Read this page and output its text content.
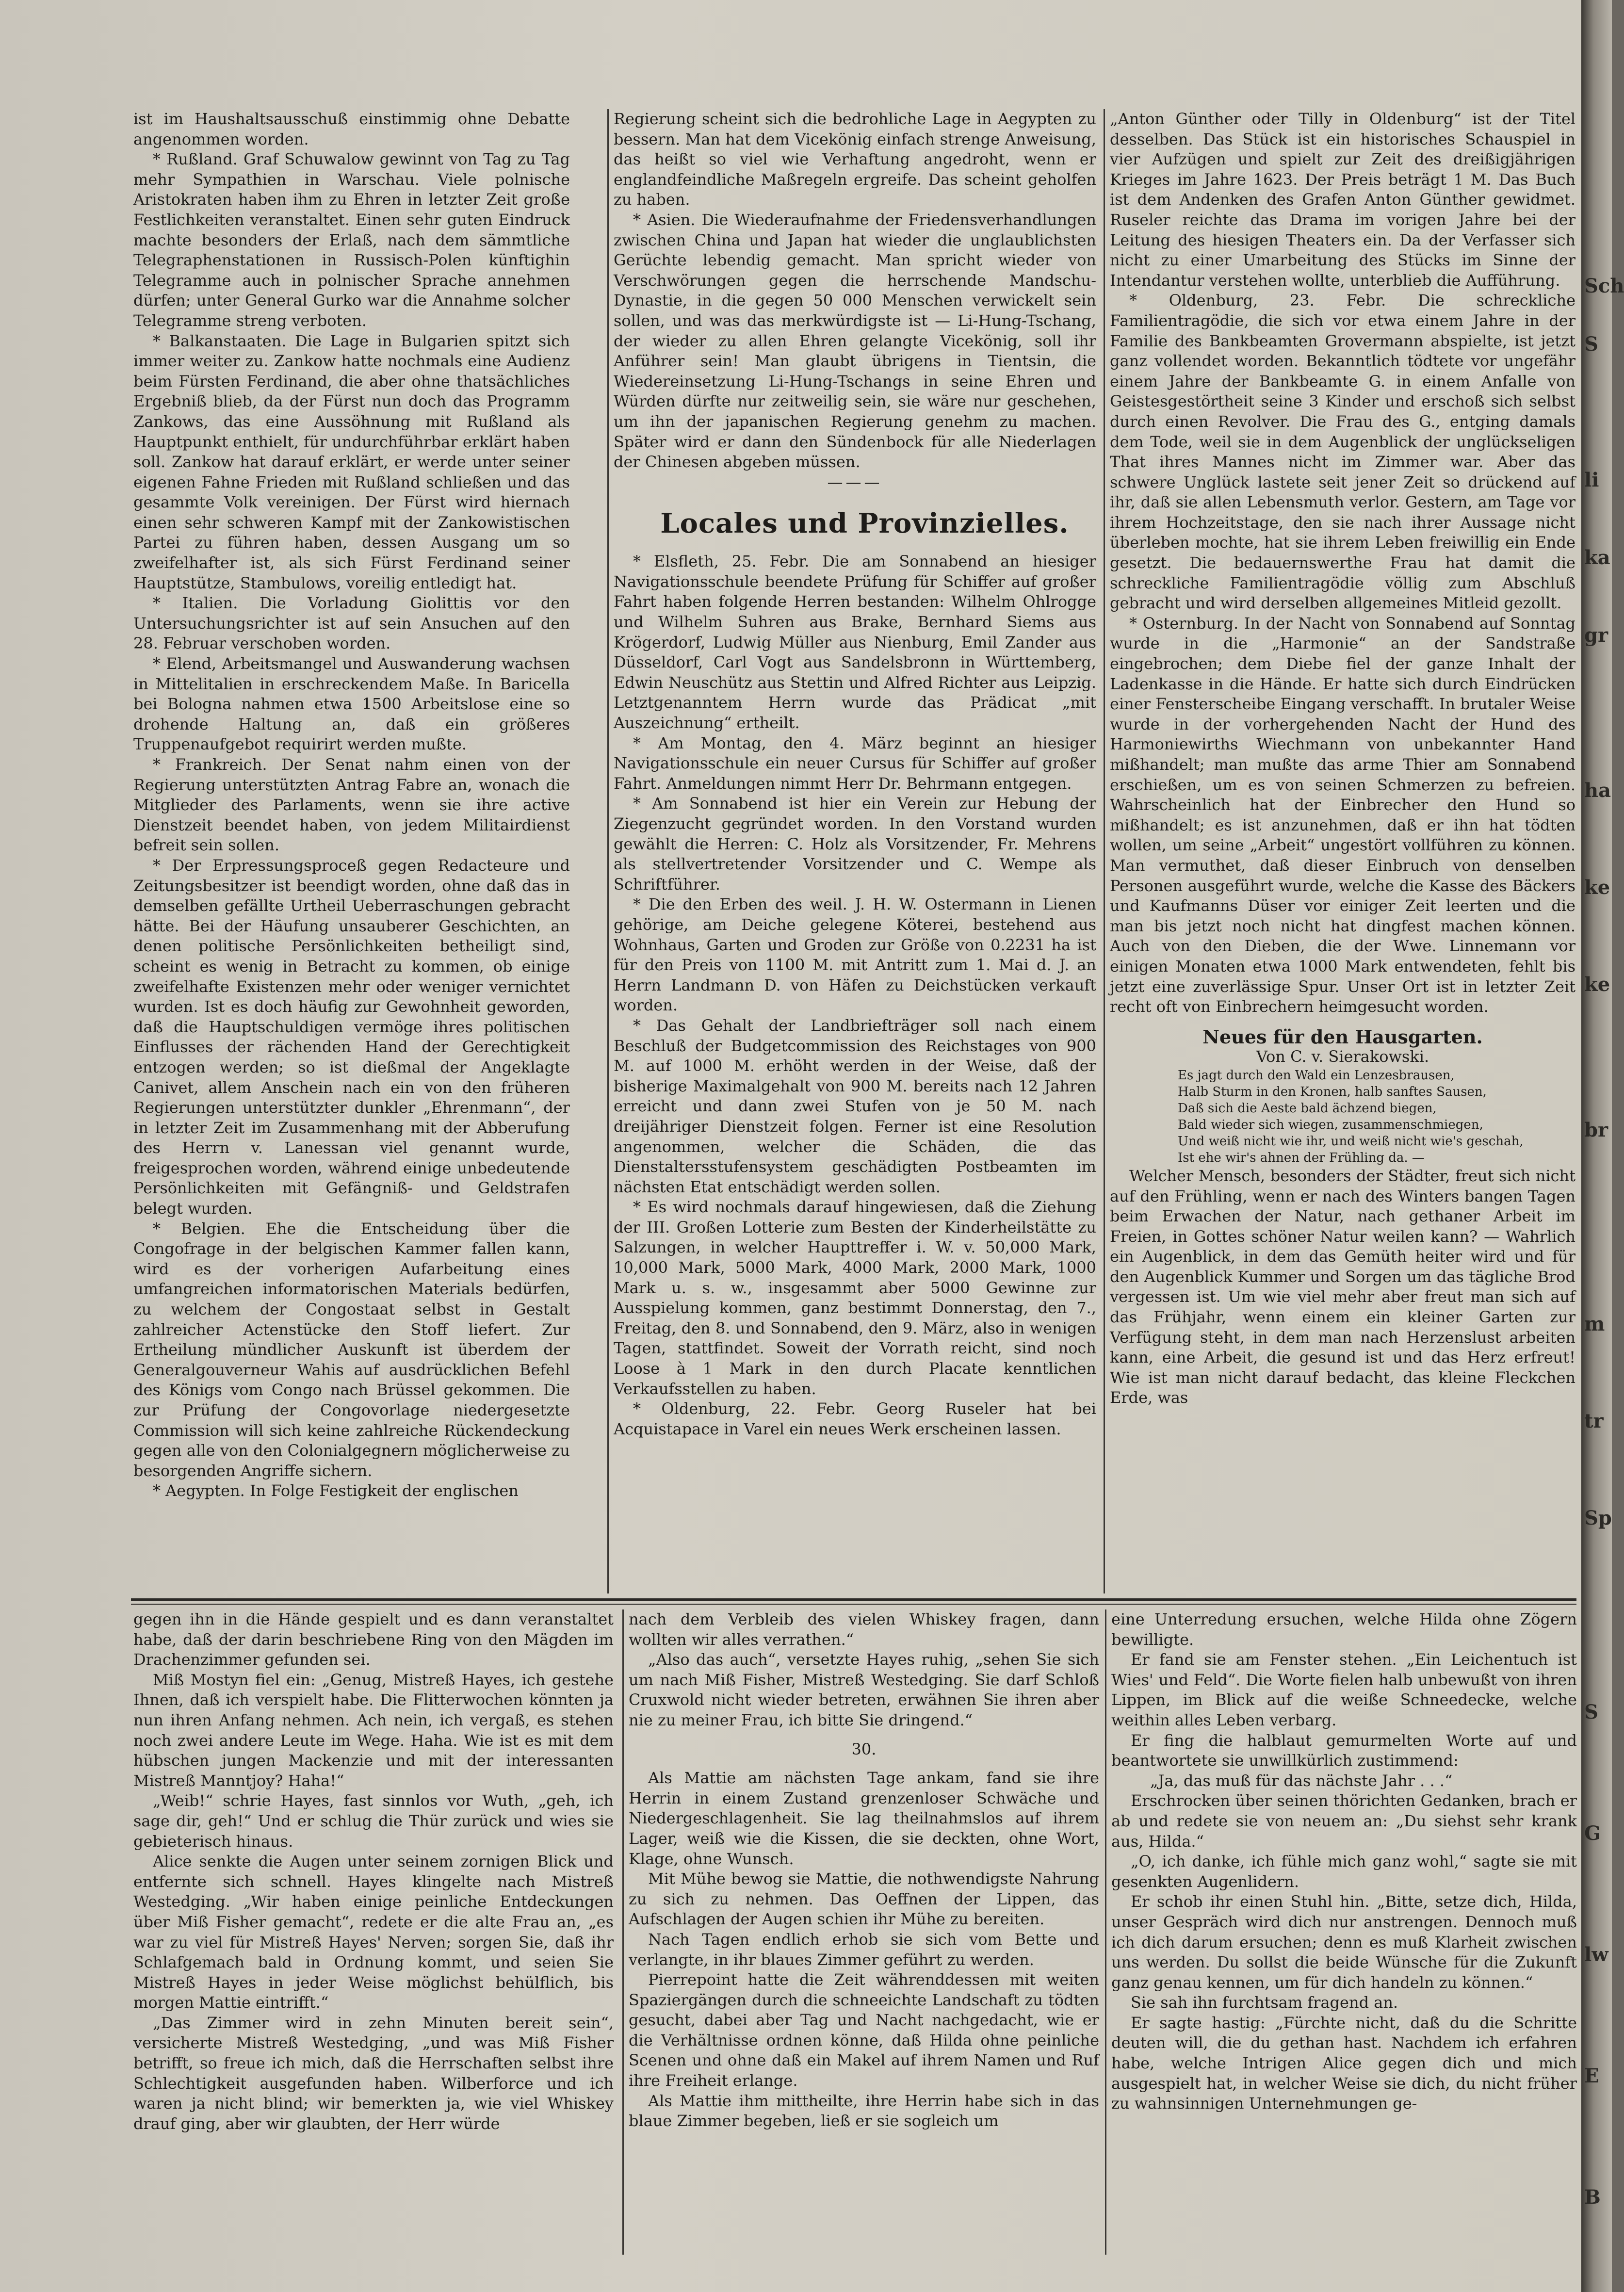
ist im Haushaltsausschuß einstimmig ohne Debatte angenommen worden.

* Rußland. Graf Schuwalow gewinnt von Tag zu Tag mehr Sympathien in Warschau. Viele polnische Aristokraten haben ihm zu Ehren in letzter Zeit große Festlichkeiten veranstaltet. Einen sehr guten Eindruck machte besonders der Erlaß, nach dem sämmtliche Telegraphenstationen in Russisch-Polen künftighin Telegramme auch in polnischer Sprache annehmen dürfen; unter General Gurko war die Annahme solcher Telegramme streng verboten.

* Balkanstaaten. Die Lage in Bulgarien spitzt sich immer weiter zu. Zankow hatte nochmals eine Audienz beim Fürsten Ferdinand, die aber ohne thatsächliches Ergebniß blieb, da der Fürst nun doch das Programm Zankows, das eine Aussöhnung mit Rußland als Hauptpunkt enthielt, für undurchführbar erklärt haben soll. Zankow hat darauf erklärt, er werde unter seiner eigenen Fahne Frieden mit Rußland schließen und das gesammte Volk vereinigen. Der Fürst wird hiernach einen sehr schweren Kampf mit der Zankowistischen Partei zu führen haben, dessen Ausgang um so zweifelhafter ist, als sich Fürst Ferdinand seiner Hauptstütze, Stambulows, voreilig entledigt hat.

* Italien. Die Vorladung Giolittis vor den Untersuchungsrichter ist auf sein Ansuchen auf den 28. Februar verschoben worden.

* Elend, Arbeitsmangel und Auswanderung wachsen in Mittelitalien in erschreckendem Maße. In Baricella bei Bologna nahmen etwa 1500 Arbeitslose eine so drohende Haltung an, daß ein größeres Truppenaufgebot requirirt werden mußte.

* Frankreich. Der Senat nahm einen von der Regierung unterstützten Antrag Fabre an, wonach die Mitglieder des Parlaments, wenn sie ihre active Dienstzeit beendet haben, von jedem Militairdienst befreit sein sollen.

* Der Erpressungsproceß gegen Redacteure und Zeitungsbesitzer ist beendigt worden, ohne daß das in demselben gefällte Urtheil Ueberraschungen gebracht hätte. Bei der Häufung unsauberer Geschichten, an denen politische Persönlichkeiten betheiligt sind, scheint es wenig in Betracht zu kommen, ob einige zweifelhafte Existenzen mehr oder weniger vernichtet wurden. Ist es doch häufig zur Gewohnheit geworden, daß die Hauptschuldigen vermöge ihres politischen Einflusses der rächenden Hand der Gerechtigkeit entzogen werden; so ist dießmal der Angeklagte Canivet, allem Anschein nach ein von den früheren Regierungen unterstützter dunkler „Ehrenmann“, der in letzter Zeit im Zusammenhang mit der Abberufung des Herrn v. Lanessan viel genannt wurde, freigesprochen worden, während einige unbedeutende Persönlichkeiten mit Gefängniß- und Geldstrafen belegt wurden.

* Belgien. Ehe die Entscheidung über die Congofrage in der belgischen Kammer fallen kann, wird es der vorherigen Aufarbeitung eines umfangreichen informatorischen Materials bedürfen, zu welchem der Congostaat selbst in Gestalt zahlreicher Actenstücke den Stoff liefert. Zur Ertheilung mündlicher Auskunft ist überdem der Generalgouverneur Wahis auf ausdrücklichen Befehl des Königs vom Congo nach Brüssel gekommen. Die zur Prüfung der Congovorlage niedergesetzte Commission will sich keine zahlreiche Rückendeckung gegen alle von den Colonialgegnern möglicherweise zu besorgenden Angriffe sichern.

* Aegypten. In Folge Festigkeit der englischen

Regierung scheint sich die bedrohliche Lage in Aegypten zu bessern. Man hat dem Vicekönig einfach strenge Anweisung, das heißt so viel wie Verhaftung angedroht, wenn er englandfeindliche Maßregeln ergreife. Das scheint geholfen zu haben.

* Asien. Die Wiederaufnahme der Friedensverhandlungen zwischen China und Japan hat wieder die unglaublichsten Gerüchte lebendig gemacht. Man spricht wieder von Verschwörungen gegen die herrschende Mandschu-Dynastie, in die gegen 50 000 Menschen verwickelt sein sollen, und was das merkwürdigste ist — Li-Hung-Tschang, der wieder zu allen Ehren gelangte Vicekönig, soll ihr Anführer sein! Man glaubt übrigens in Tientsin, die Wiedereinsetzung Li-Hung-Tschangs in seine Ehren und Würden dürfte nur zeitweilig sein, sie wäre nur geschehen, um ihn der japanischen Regierung genehm zu machen. Später wird er dann den Sündenbock für alle Niederlagen der Chinesen abgeben müssen.

———

Locales und Provinzielles.

* Elsfleth, 25. Febr. Die am Sonnabend an hiesiger Navigationsschule beendete Prüfung für Schiffer auf großer Fahrt haben folgende Herren bestanden: Wilhelm Ohlrogge und Wilhelm Suhren aus Brake, Bernhard Siems aus Krögerdorf, Ludwig Müller aus Nienburg, Emil Zander aus Düsseldorf, Carl Vogt aus Sandelsbronn in Württemberg, Edwin Neuschütz aus Stettin und Alfred Richter aus Leipzig. Letztgenanntem Herrn wurde das Prädicat „mit Auszeichnung“ ertheilt.

* Am Montag, den 4. März beginnt an hiesiger Navigationsschule ein neuer Cursus für Schiffer auf großer Fahrt. Anmeldungen nimmt Herr Dr. Behrmann entgegen.

* Am Sonnabend ist hier ein Verein zur Hebung der Ziegenzucht gegründet worden. In den Vorstand wurden gewählt die Herren: C. Holz als Vorsitzender, Fr. Mehrens als stellvertretender Vorsitzender und C. Wempe als Schriftführer.

* Die den Erben des weil. J. H. W. Ostermann in Lienen gehörige, am Deiche gelegene Köterei, bestehend aus Wohnhaus, Garten und Groden zur Größe von 0.2231 ha ist für den Preis von 1100 M. mit Antritt zum 1. Mai d. J. an Herrn Landmann D. von Häfen zu Deichstücken verkauft worden.

* Das Gehalt der Landbriefträger soll nach einem Beschluß der Budgetcommission des Reichstages von 900 M. auf 1000 M. erhöht werden in der Weise, daß der bisherige Maximalgehalt von 900 M. bereits nach 12 Jahren erreicht und dann zwei Stufen von je 50 M. nach dreijähriger Dienstzeit folgen. Ferner ist eine Resolution angenommen, welcher die Schäden, die das Dienstaltersstufensystem geschädigten Postbeamten im nächsten Etat entschädigt werden sollen.

* Es wird nochmals darauf hingewiesen, daß die Ziehung der III. Großen Lotterie zum Besten der Kinderheilstätte zu Salzungen, in welcher Haupttreffer i. W. v. 50,000 Mark, 10,000 Mark, 5000 Mark, 4000 Mark, 2000 Mark, 1000 Mark u. s. w., insgesammt aber 5000 Gewinne zur Ausspielung kommen, ganz bestimmt Donnerstag, den 7., Freitag, den 8. und Sonnabend, den 9. März, also in wenigen Tagen, stattfindet. Soweit der Vorrath reicht, sind noch Loose à 1 Mark in den durch Placate kenntlichen Verkaufsstellen zu haben.

* Oldenburg, 22. Febr. Georg Ruseler hat bei Acquistapace in Varel ein neues Werk erscheinen lassen.

„Anton Günther oder Tilly in Oldenburg“ ist der Titel desselben. Das Stück ist ein historisches Schauspiel in vier Aufzügen und spielt zur Zeit des dreißigjährigen Krieges im Jahre 1623. Der Preis beträgt 1 M. Das Buch ist dem Andenken des Grafen Anton Günther gewidmet. Ruseler reichte das Drama im vorigen Jahre bei der Leitung des hiesigen Theaters ein. Da der Verfasser sich nicht zu einer Umarbeitung des Stücks im Sinne der Intendantur verstehen wollte, unterblieb die Aufführung.

* Oldenburg, 23. Febr. Die schreckliche Familientragödie, die sich vor etwa einem Jahre in der Familie des Bankbeamten Grovermann abspielte, ist jetzt ganz vollendet worden. Bekanntlich tödtete vor ungefähr einem Jahre der Bankbeamte G. in einem Anfalle von Geistesgestörtheit seine 3 Kinder und erschoß sich selbst durch einen Revolver. Die Frau des G., entging damals dem Tode, weil sie in dem Augenblick der unglückseligen That ihres Mannes nicht im Zimmer war. Aber das schwere Unglück lastete seit jener Zeit so drückend auf ihr, daß sie allen Lebensmuth verlor. Gestern, am Tage vor ihrem Hochzeitstage, den sie nach ihrer Aussage nicht überleben mochte, hat sie ihrem Leben freiwillig ein Ende gesetzt. Die bedauernswerthe Frau hat damit die schreckliche Familientragödie völlig zum Abschluß gebracht und wird derselben allgemeines Mitleid gezollt.

* Osternburg. In der Nacht von Sonnabend auf Sonntag wurde in die „Harmonie“ an der Sandstraße eingebrochen; dem Diebe fiel der ganze Inhalt der Ladenkasse in die Hände. Er hatte sich durch Eindrücken einer Fensterscheibe Eingang verschafft. In brutaler Weise wurde in der vorhergehenden Nacht der Hund des Harmoniewirths Wiechmann von unbekannter Hand mißhandelt; man mußte das arme Thier am Sonnabend erschießen, um es von seinen Schmerzen zu befreien. Wahrscheinlich hat der Einbrecher den Hund so mißhandelt; es ist anzunehmen, daß er ihn hat tödten wollen, um seine „Arbeit“ ungestört vollführen zu können. Man vermuthet, daß dieser Einbruch von denselben Personen ausgeführt wurde, welche die Kasse des Bäckers und Kaufmanns Düser vor einiger Zeit leerten und die man bis jetzt noch nicht hat dingfest machen können. Auch von den Dieben, die der Wwe. Linnemann vor einigen Monaten etwa 1000 Mark entwendeten, fehlt bis jetzt eine zuverlässige Spur. Unser Ort ist in letzter Zeit recht oft von Einbrechern heimgesucht worden.

Neues für den Hausgarten.

Von C. v. Sierakowski.

Es jagt durch den Wald ein Lenzesbrausen,

Halb Sturm in den Kronen, halb sanftes Sausen,

Daß sich die Aeste bald ächzend biegen,

Bald wieder sich wiegen, zusammenschmiegen,

Und weiß nicht wie ihr, und weiß nicht wie's geschah,

Ist ehe wir's ahnen der Frühling da. —

Welcher Mensch, besonders der Städter, freut sich nicht auf den Frühling, wenn er nach des Winters bangen Tagen beim Erwachen der Natur, nach gethaner Arbeit im Freien, in Gottes schöner Natur weilen kann? — Wahrlich ein Augenblick, in dem das Gemüth heiter wird und für den Augenblick Kummer und Sorgen um das tägliche Brod vergessen ist. Um wie viel mehr aber freut man sich auf das Frühjahr, wenn einem ein kleiner Garten zur Verfügung steht, in dem man nach Herzenslust arbeiten kann, eine Arbeit, die gesund ist und das Herz erfreut! Wie ist man nicht darauf bedacht, das kleine Fleckchen Erde, was

gegen ihn in die Hände gespielt und es dann veranstaltet habe, daß der darin beschriebene Ring von den Mägden im Drachenzimmer gefunden sei.

Miß Mostyn fiel ein: „Genug, Mistreß Hayes, ich gestehe Ihnen, daß ich verspielt habe. Die Flitterwochen könnten ja nun ihren Anfang nehmen. Ach nein, ich vergaß, es stehen noch zwei andere Leute im Wege. Haha. Wie ist es mit dem hübschen jungen Mackenzie und mit der interessanten Mistreß Manntjoy? Haha!“

„Weib!“ schrie Hayes, fast sinnlos vor Wuth, „geh, ich sage dir, geh!“ Und er schlug die Thür zurück und wies sie gebieterisch hinaus.

Alice senkte die Augen unter seinem zornigen Blick und entfernte sich schnell. Hayes klingelte nach Mistreß Westedging. „Wir haben einige peinliche Entdeckungen über Miß Fisher gemacht“, redete er die alte Frau an, „es war zu viel für Mistreß Hayes' Nerven; sorgen Sie, daß ihr Schlafgemach bald in Ordnung kommt, und seien Sie Mistreß Hayes in jeder Weise möglichst behülflich, bis morgen Mattie eintrifft.“

„Das Zimmer wird in zehn Minuten bereit sein“, versicherte Mistreß Westedging, „und was Miß Fisher betrifft, so freue ich mich, daß die Herrschaften selbst ihre Schlechtigkeit ausgefunden haben. Wilberforce und ich waren ja nicht blind; wir bemerkten ja, wie viel Whiskey drauf ging, aber wir glaubten, der Herr würde

nach dem Verbleib des vielen Whiskey fragen, dann wollten wir alles verrathen.“

„Also das auch“, versetzte Hayes ruhig, „sehen Sie sich um nach Miß Fisher, Mistreß Westedging. Sie darf Schloß Cruxwold nicht wieder betreten, erwähnen Sie ihren aber nie zu meiner Frau, ich bitte Sie dringend.“

30.

Als Mattie am nächsten Tage ankam, fand sie ihre Herrin in einem Zustand grenzenloser Schwäche und Niedergeschlagenheit. Sie lag theilnahmslos auf ihrem Lager, weiß wie die Kissen, die sie deckten, ohne Wort, Klage, ohne Wunsch.

Mit Mühe bewog sie Mattie, die nothwendigste Nahrung zu sich zu nehmen. Das Oeffnen der Lippen, das Aufschlagen der Augen schien ihr Mühe zu bereiten.

Nach Tagen endlich erhob sie sich vom Bette und verlangte, in ihr blaues Zimmer geführt zu werden.

Pierrepoint hatte die Zeit währenddessen mit weiten Spaziergängen durch die schneeichte Landschaft zu tödten gesucht, dabei aber Tag und Nacht nachgedacht, wie er die Verhältnisse ordnen könne, daß Hilda ohne peinliche Scenen und ohne daß ein Makel auf ihrem Namen und Ruf ihre Freiheit erlange.

Als Mattie ihm mittheilte, ihre Herrin habe sich in das blaue Zimmer begeben, ließ er sie sogleich um

eine Unterredung ersuchen, welche Hilda ohne Zögern bewilligte.

Er fand sie am Fenster stehen. „Ein Leichentuch ist Wies' und Feld“. Die Worte fielen halb unbewußt von ihren Lippen, im Blick auf die weiße Schneedecke, welche weithin alles Leben verbarg.

Er fing die halblaut gemurmelten Worte auf und beantwortete sie unwillkürlich zustimmend:

„Ja, das muß für das nächste Jahr . . .“

Erschrocken über seinen thörichten Gedanken, brach er ab und redete sie von neuem an: „Du siehst sehr krank aus, Hilda.“

„O, ich danke, ich fühle mich ganz wohl,“ sagte sie mit gesenkten Augenlidern.

Er schob ihr einen Stuhl hin. „Bitte, setze dich, Hilda, unser Gespräch wird dich nur anstrengen. Dennoch muß ich dich darum ersuchen; denn es muß Klarheit zwischen uns werden. Du sollst die beide Wünsche für die Zukunft ganz genau kennen, um für dich handeln zu können.“

Sie sah ihn furchtsam fragend an.

Er sagte hastig: „Fürchte nicht, daß du die Schritte deuten will, die du gethan hast. Nachdem ich erfahren habe, welche Intrigen Alice gegen dich und mich ausgespielt hat, in welcher Weise sie dich, du nicht früher zu wahnsinnigen Unternehmungen ge-

Sch
S
li
ka
gr
ha
ke
ke
br
m
tr
Sp
S
G
lw
E
B
